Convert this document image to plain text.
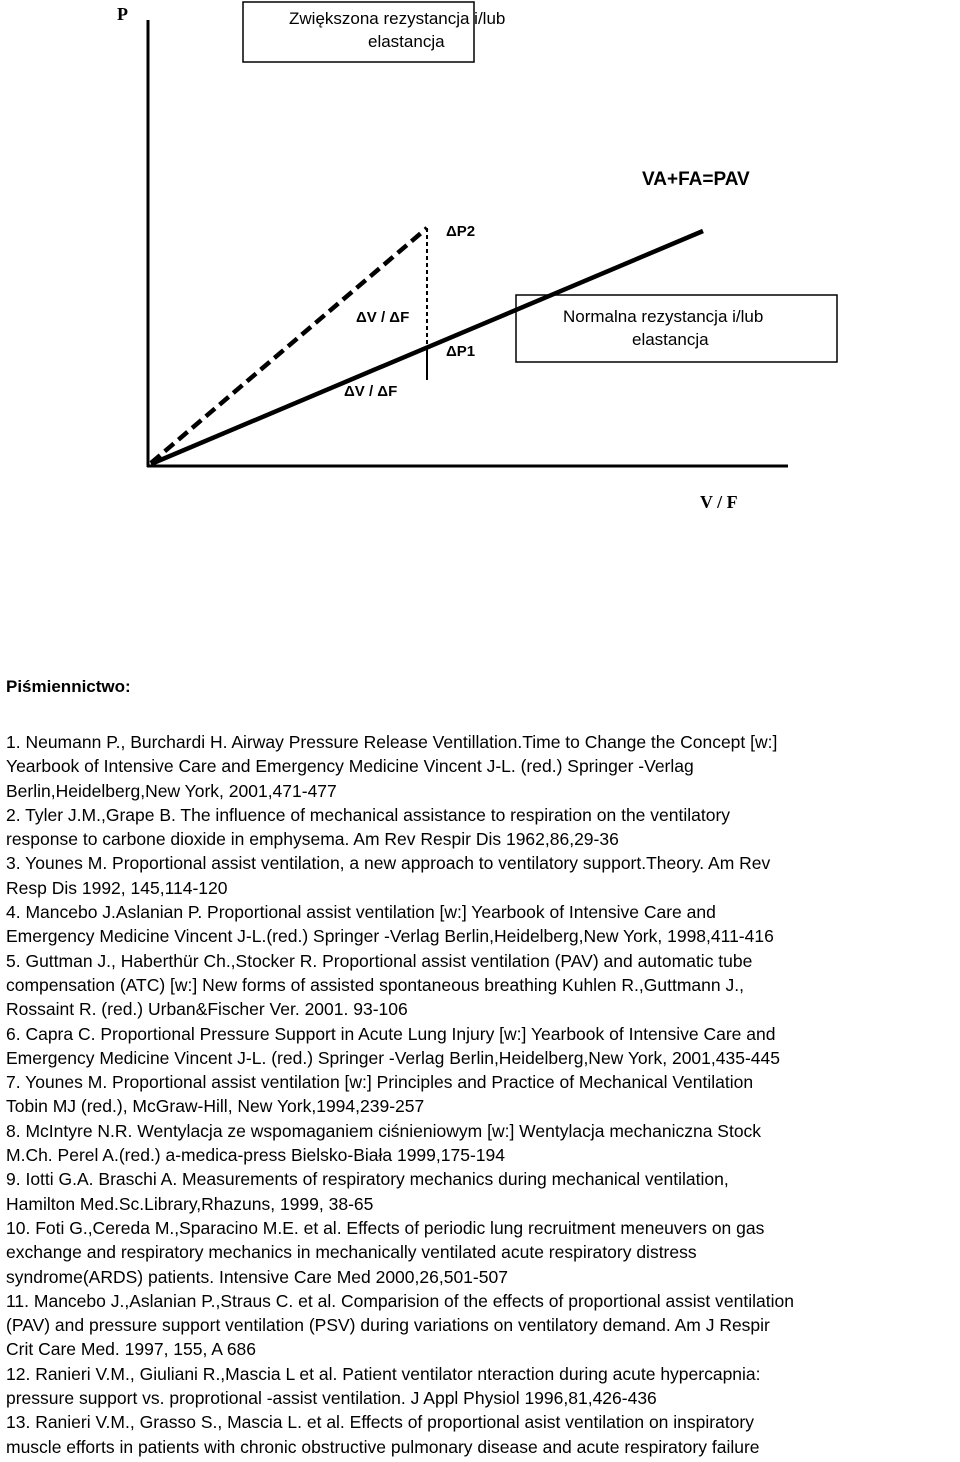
P
V / F
Zwiększona rezystancja i/lub
elastancja
VA+FA=PAV
Normalna rezystancja i/lub
elastancja
ΔP2
ΔP1
ΔV / ΔF
ΔV / ΔF
Piśmiennictwo:
1. Neumann P., Burchardi H. Airway Pressure Release Ventillation.Time to Change the Concept [w:]
Yearbook of Intensive Care and Emergency Medicine Vincent J-L. (red.) Springer -Verlag
Berlin,Heidelberg,New York, 2001,471-477
2. Tyler J.M.,Grape B. The influence of mechanical assistance to respiration on the ventilatory
response to carbone dioxide in emphysema. Am Rev Respir Dis 1962,86,29-36
3. Younes M. Proportional assist ventilation, a new approach to ventilatory support.Theory. Am Rev
Resp Dis 1992, 145,114-120
4. Mancebo J.Aslanian P. Proportional assist ventilation [w:] Yearbook of Intensive Care and
Emergency Medicine Vincent J-L.(red.) Springer -Verlag Berlin,Heidelberg,New York, 1998,411-416
5. Guttman J., Haberthür Ch.,Stocker R. Proportional assist ventilation (PAV) and automatic tube
compensation (ATC) [w:] New forms of assisted spontaneous breathing Kuhlen R.,Guttmann J.,
Rossaint R. (red.) Urban&Fischer Ver. 2001. 93-106
6. Capra C. Proportional Pressure Support in Acute Lung Injury [w:] Yearbook of Intensive Care and
Emergency Medicine Vincent J-L. (red.) Springer -Verlag Berlin,Heidelberg,New York, 2001,435-445
7. Younes M. Proportional assist ventilation [w:] Principles and Practice of Mechanical Ventilation
Tobin MJ (red.), McGraw-Hill, New York,1994,239-257
8. McIntyre N.R. Wentylacja ze wspomaganiem ciśnieniowym [w:] Wentylacja mechaniczna Stock
M.Ch. Perel A.(red.) a-medica-press Bielsko-Biała 1999,175-194
9. Iotti G.A. Braschi A. Measurements of respiratory mechanics during mechanical ventilation,
Hamilton Med.Sc.Library,Rhazuns, 1999, 38-65
10. Foti G.,Cereda M.,Sparacino M.E. et al. Effects of periodic lung recruitment meneuvers on gas
exchange and respiratory mechanics in mechanically ventilated acute respiratory distress
syndrome(ARDS) patients. Intensive Care Med 2000,26,501-507
11. Mancebo J.,Aslanian P.,Straus C. et al. Comparision of the effects of proportional assist ventilation
(PAV) and pressure support ventilation (PSV) during variations on ventilatory demand. Am J Respir
Crit Care Med. 1997, 155, A 686
12. Ranieri V.M., Giuliani R.,Mascia L et al. Patient ventilator nteraction during acute hypercapnia:
pressure support vs. proprotional -assist ventilation. J Appl Physiol 1996,81,426-436
13. Ranieri V.M., Grasso S., Mascia L. et al. Effects of proportional asist ventilation on inspiratory
muscle efforts in patients with chronic obstructive pulmonary disease and acute respiratory failure
